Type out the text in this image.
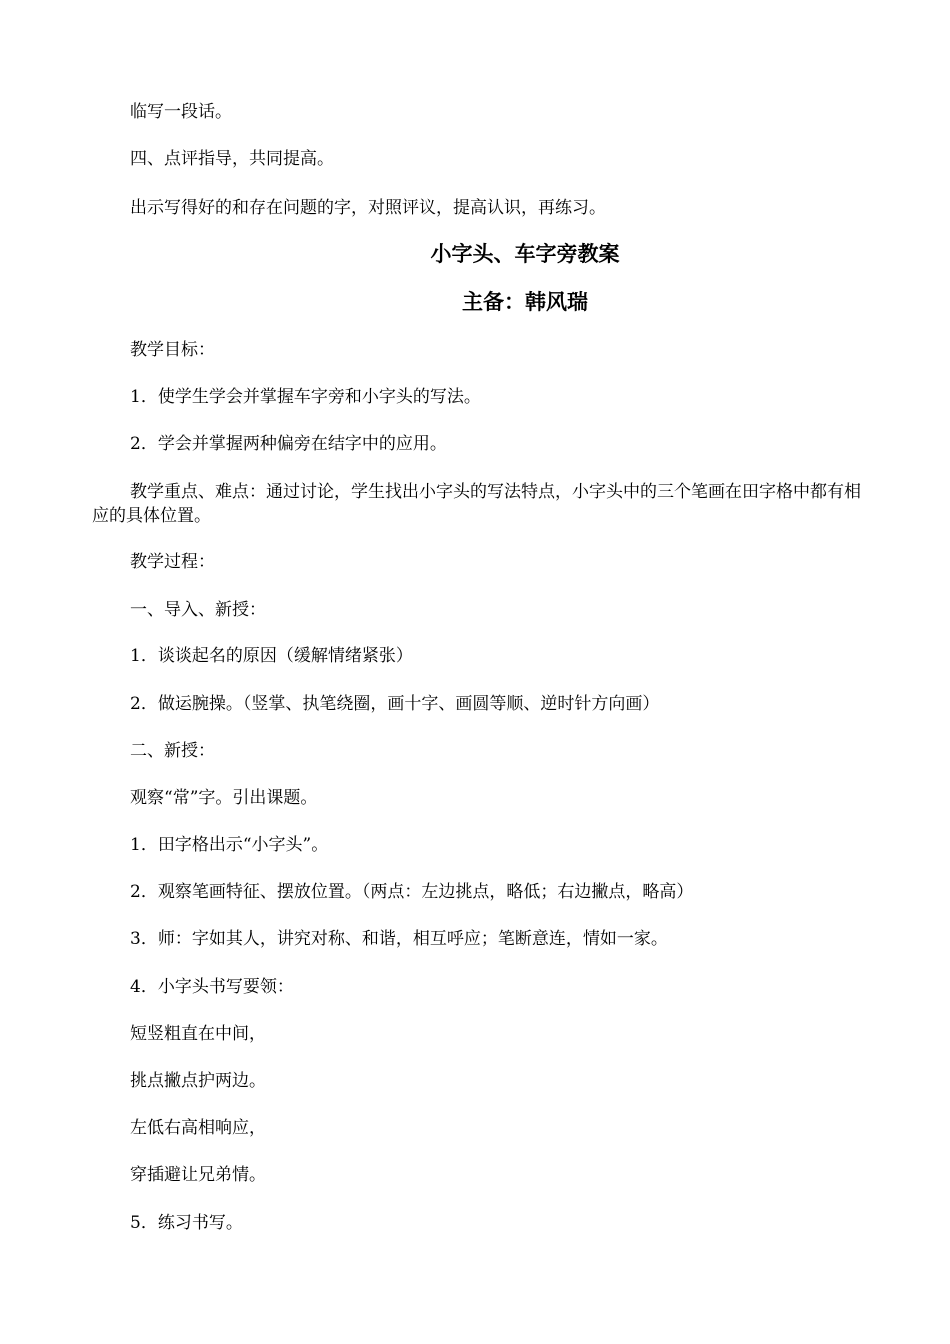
临写一段话。
四、点评指导，共同提高。
出示写得好的和存在问题的字，对照评议，提高认识，再练习。
小字头、车字旁教案
主备：韩风瑞
教学目标：
1．使学生学会并掌握车字旁和小字头的写法。
2．学会并掌握两种偏旁在结字中的应用。
教学重点、难点：通过讨论，学生找出小字头的写法特点，小字头中的三个笔画在田字格中都有相应的具体位置。
教学过程：
一、导入、新授：
1．谈谈起名的原因（缓解情绪紧张）
2．做运腕操。（竖掌、执笔绕圈，画十字、画圆等顺、逆时针方向画）
二、新授：
观察“常”字。引出课题。
1．田字格出示“小字头”。
2．观察笔画特征、摆放位置。（两点：左边挑点，略低；右边撇点，略高）
3．师：字如其人，讲究对称、和谐，相互呼应；笔断意连，情如一家。
4．小字头书写要领：
短竖粗直在中间，
挑点撇点护两边。
左低右高相响应，
穿插避让兄弟情。
5．练习书写。
